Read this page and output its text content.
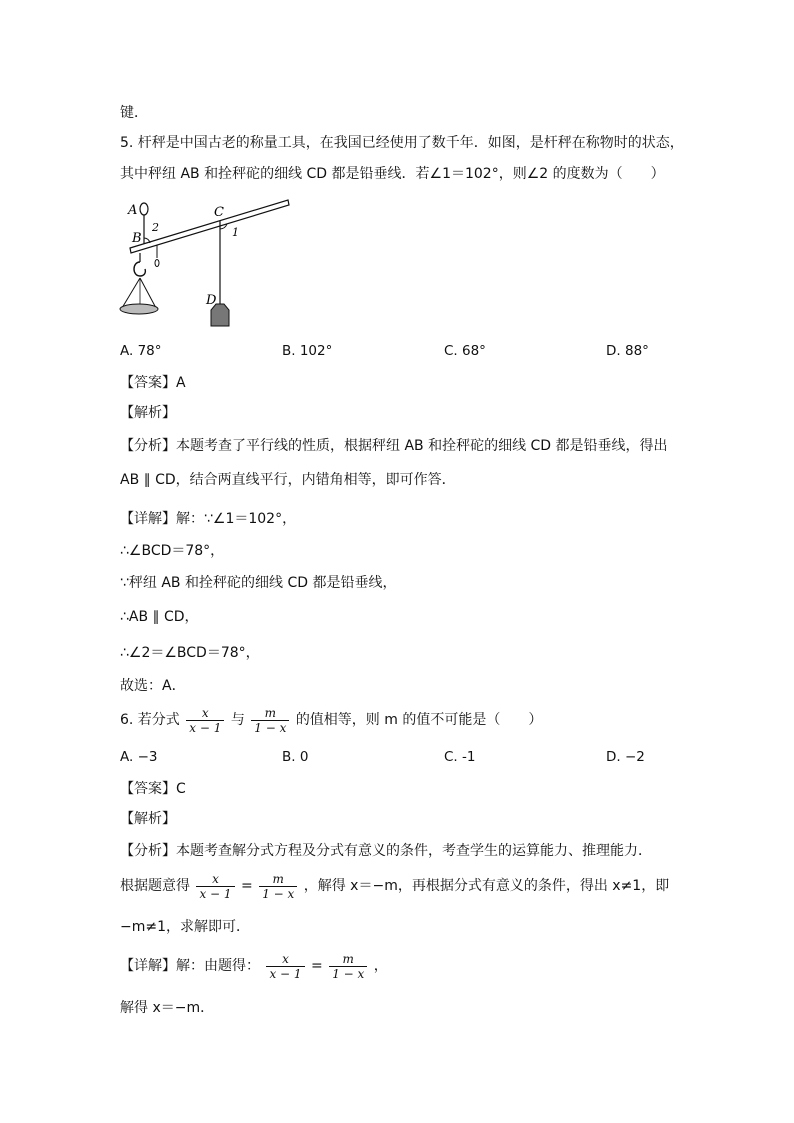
键．
5. 杆秤是中国古老的称量工具，在我国已经使用了数千年．如图，是杆秤在称物时的状态，
其中秤纽 AB 和拴秤砣的细线 CD 都是铅垂线．若∠1＝102°，则∠2 的度数为（　　）
A
B
2
C
1
D
A. 78°	B. 102°	C. 68°	D. 88°
【答案】A
【解析】
【分析】本题考查了平行线的性质，根据秤纽 AB 和拴秤砣的细线 CD 都是铅垂线，得出
AB ∥ CD，结合两直线平行，内错角相等，即可作答．
【详解】解：∵∠1＝102°，
∴∠BCD＝78°，
∵秤纽 AB 和拴秤砣的细线 CD 都是铅垂线，
∴AB ∥ CD，
∴∠2＝∠BCD＝78°，
故选：A．
6. 若分式 $\frac{x}{x - 1}$ 与 $\frac{m}{1 - x}$ 的值相等，则 m 的值不可能是（　　）
A. −3	B. 0	C. -1	D. −2
【答案】C
【解析】
【分析】本题考查解分式方程及分式有意义的条件，考查学生的运算能力、推理能力．
根据题意得 $\frac{x}{x - 1} = \frac{m}{1 - x}$ ，解得 x＝−m，再根据分式有意义的条件，得出 x≠1，即
−m≠1，求解即可．
【详解】解：由题得： $\frac{x}{x - 1} = \frac{m}{1 - x}$ ，
解得 x＝−m．
